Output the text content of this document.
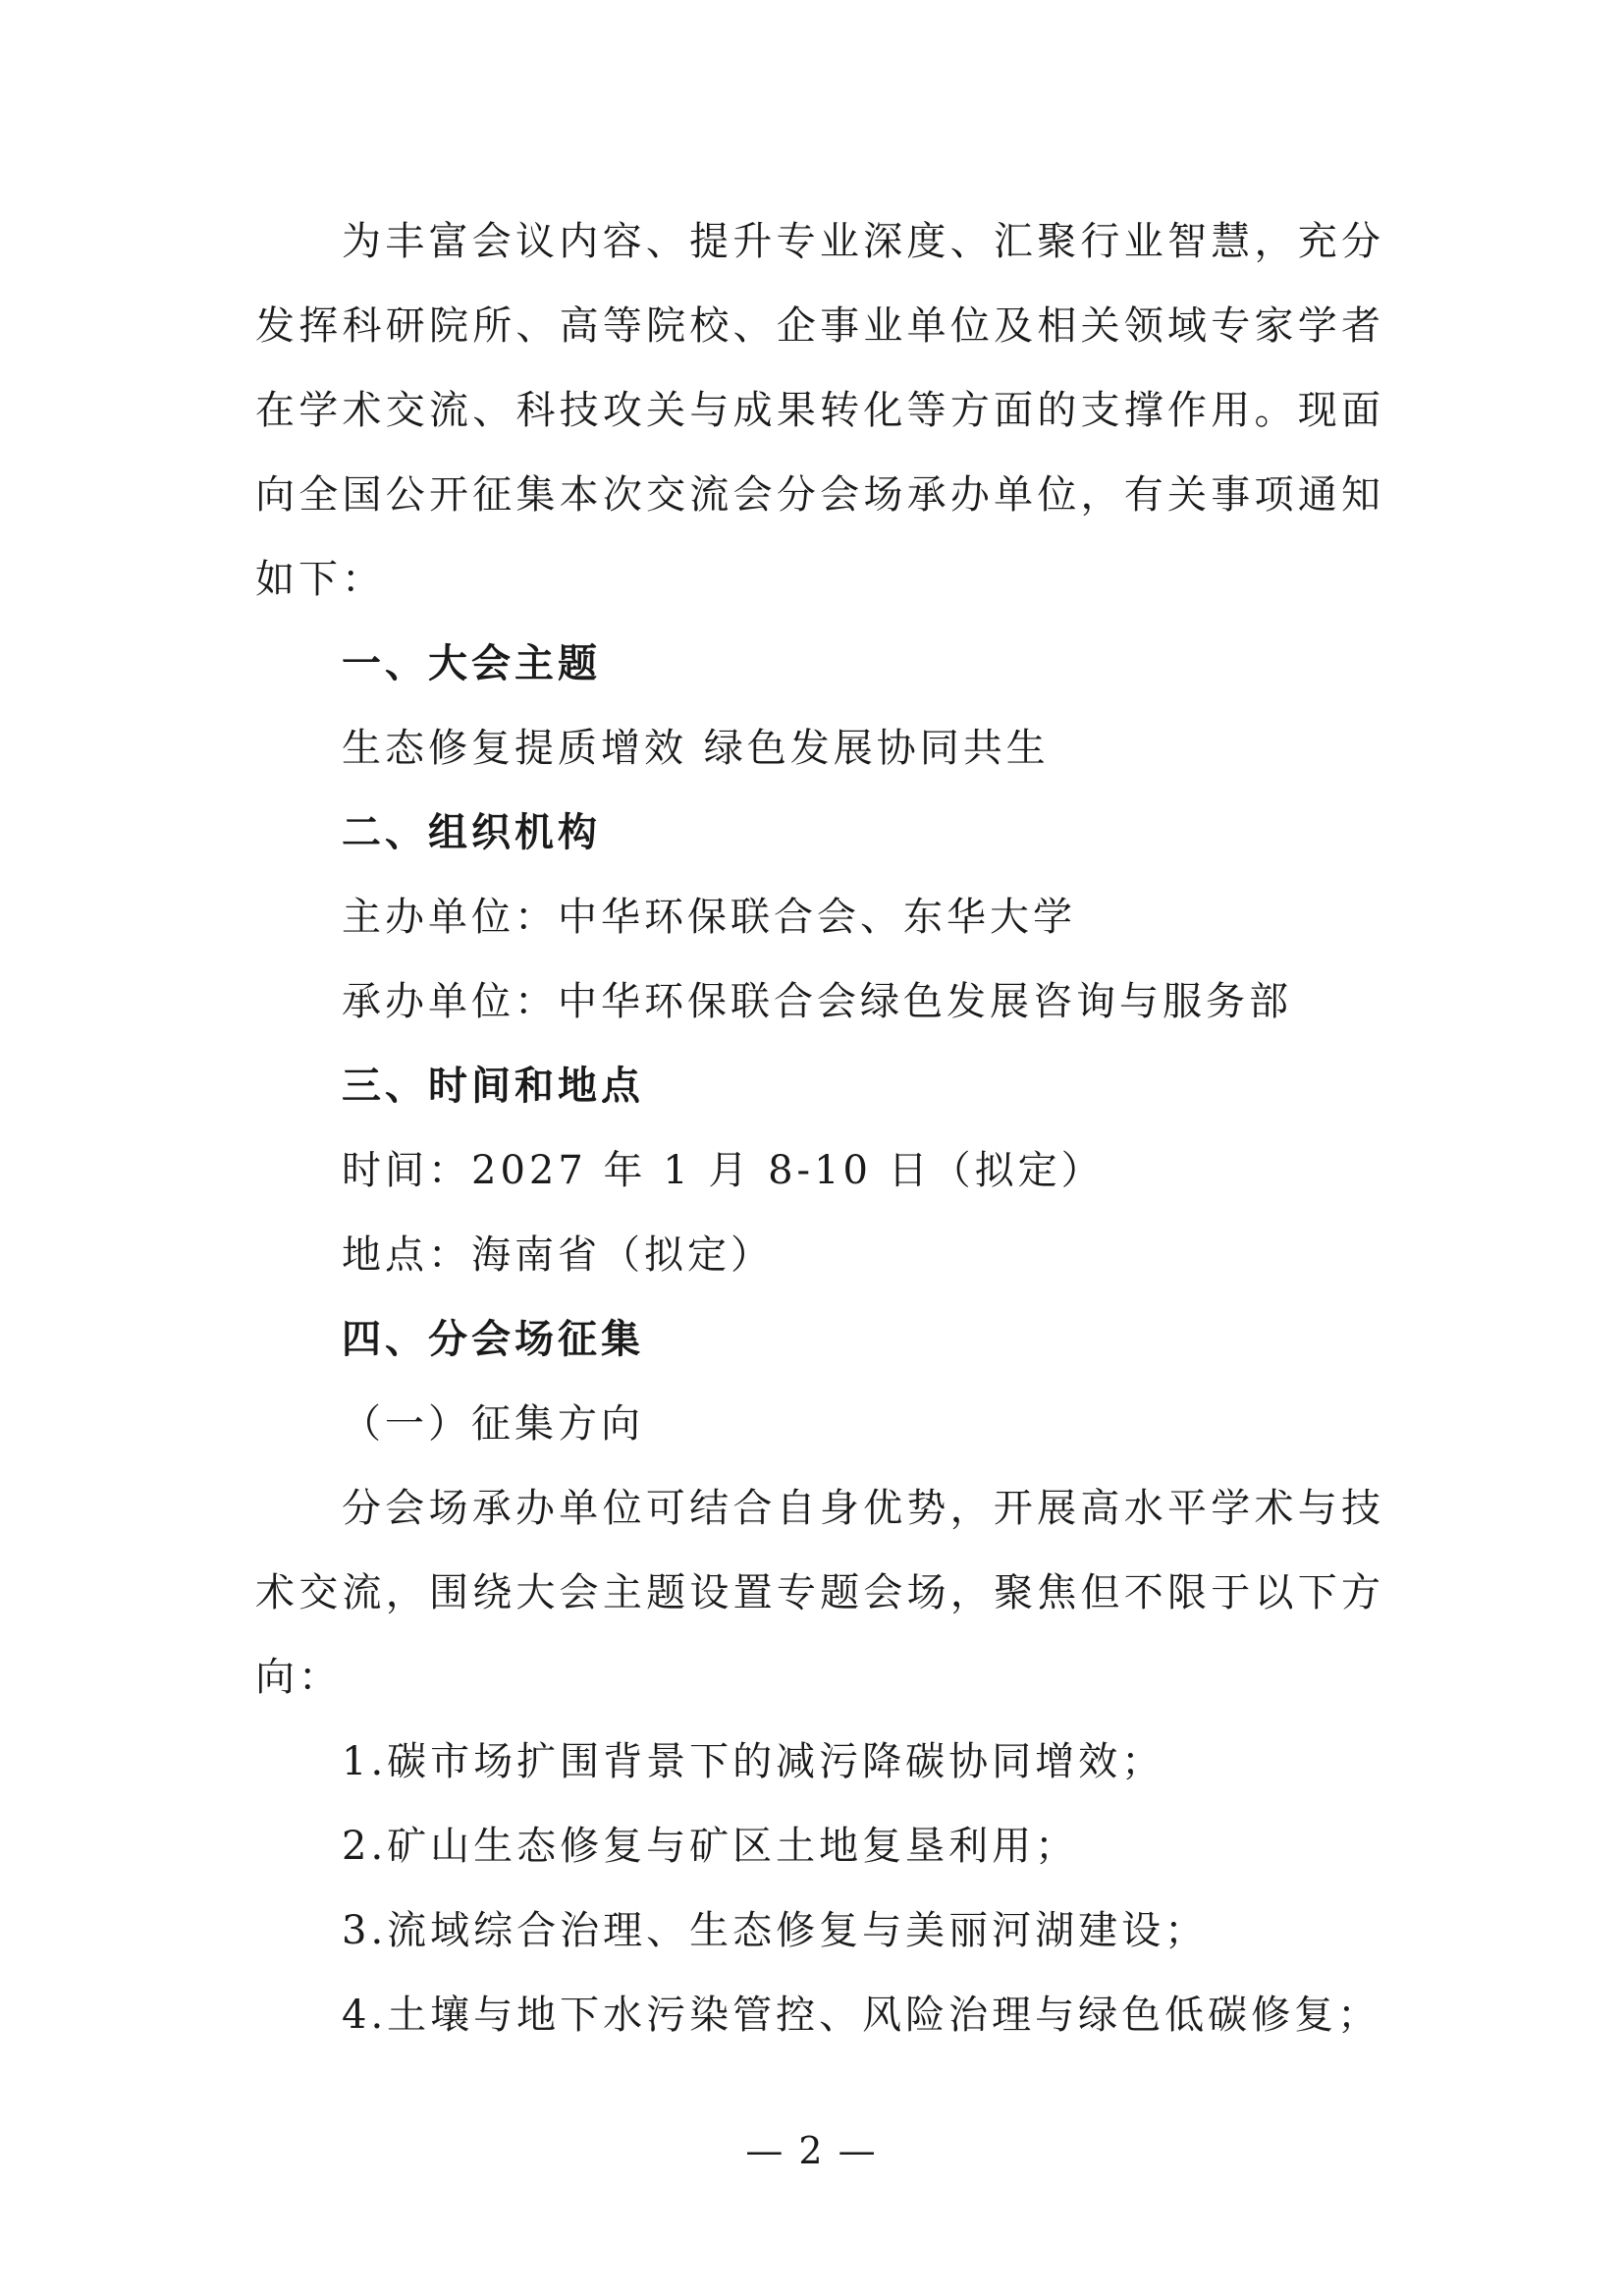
为丰富会议内容、提升专业深度、汇聚行业智慧，充分
发挥科研院所、高等院校、企事业单位及相关领域专家学者
在学术交流、科技攻关与成果转化等方面的支撑作用。现面
向全国公开征集本次交流会分会场承办单位，有关事项通知
如下：
一、大会主题
生态修复提质增效 绿色发展协同共生
二、组织机构
主办单位：中华环保联合会、东华大学
承办单位：中华环保联合会绿色发展咨询与服务部
三、时间和地点
时间：2027 年 1 月 8-10 日（拟定）
地点：海南省（拟定）
四、分会场征集
（一）征集方向
分会场承办单位可结合自身优势，开展高水平学术与技
术交流，围绕大会主题设置专题会场，聚焦但不限于以下方
向：
1.碳市场扩围背景下的减污降碳协同增效；
2.矿山生态修复与矿区土地复垦利用；
3.流域综合治理、生态修复与美丽河湖建设；
4.土壤与地下水污染管控、风险治理与绿色低碳修复；
— 2 —
